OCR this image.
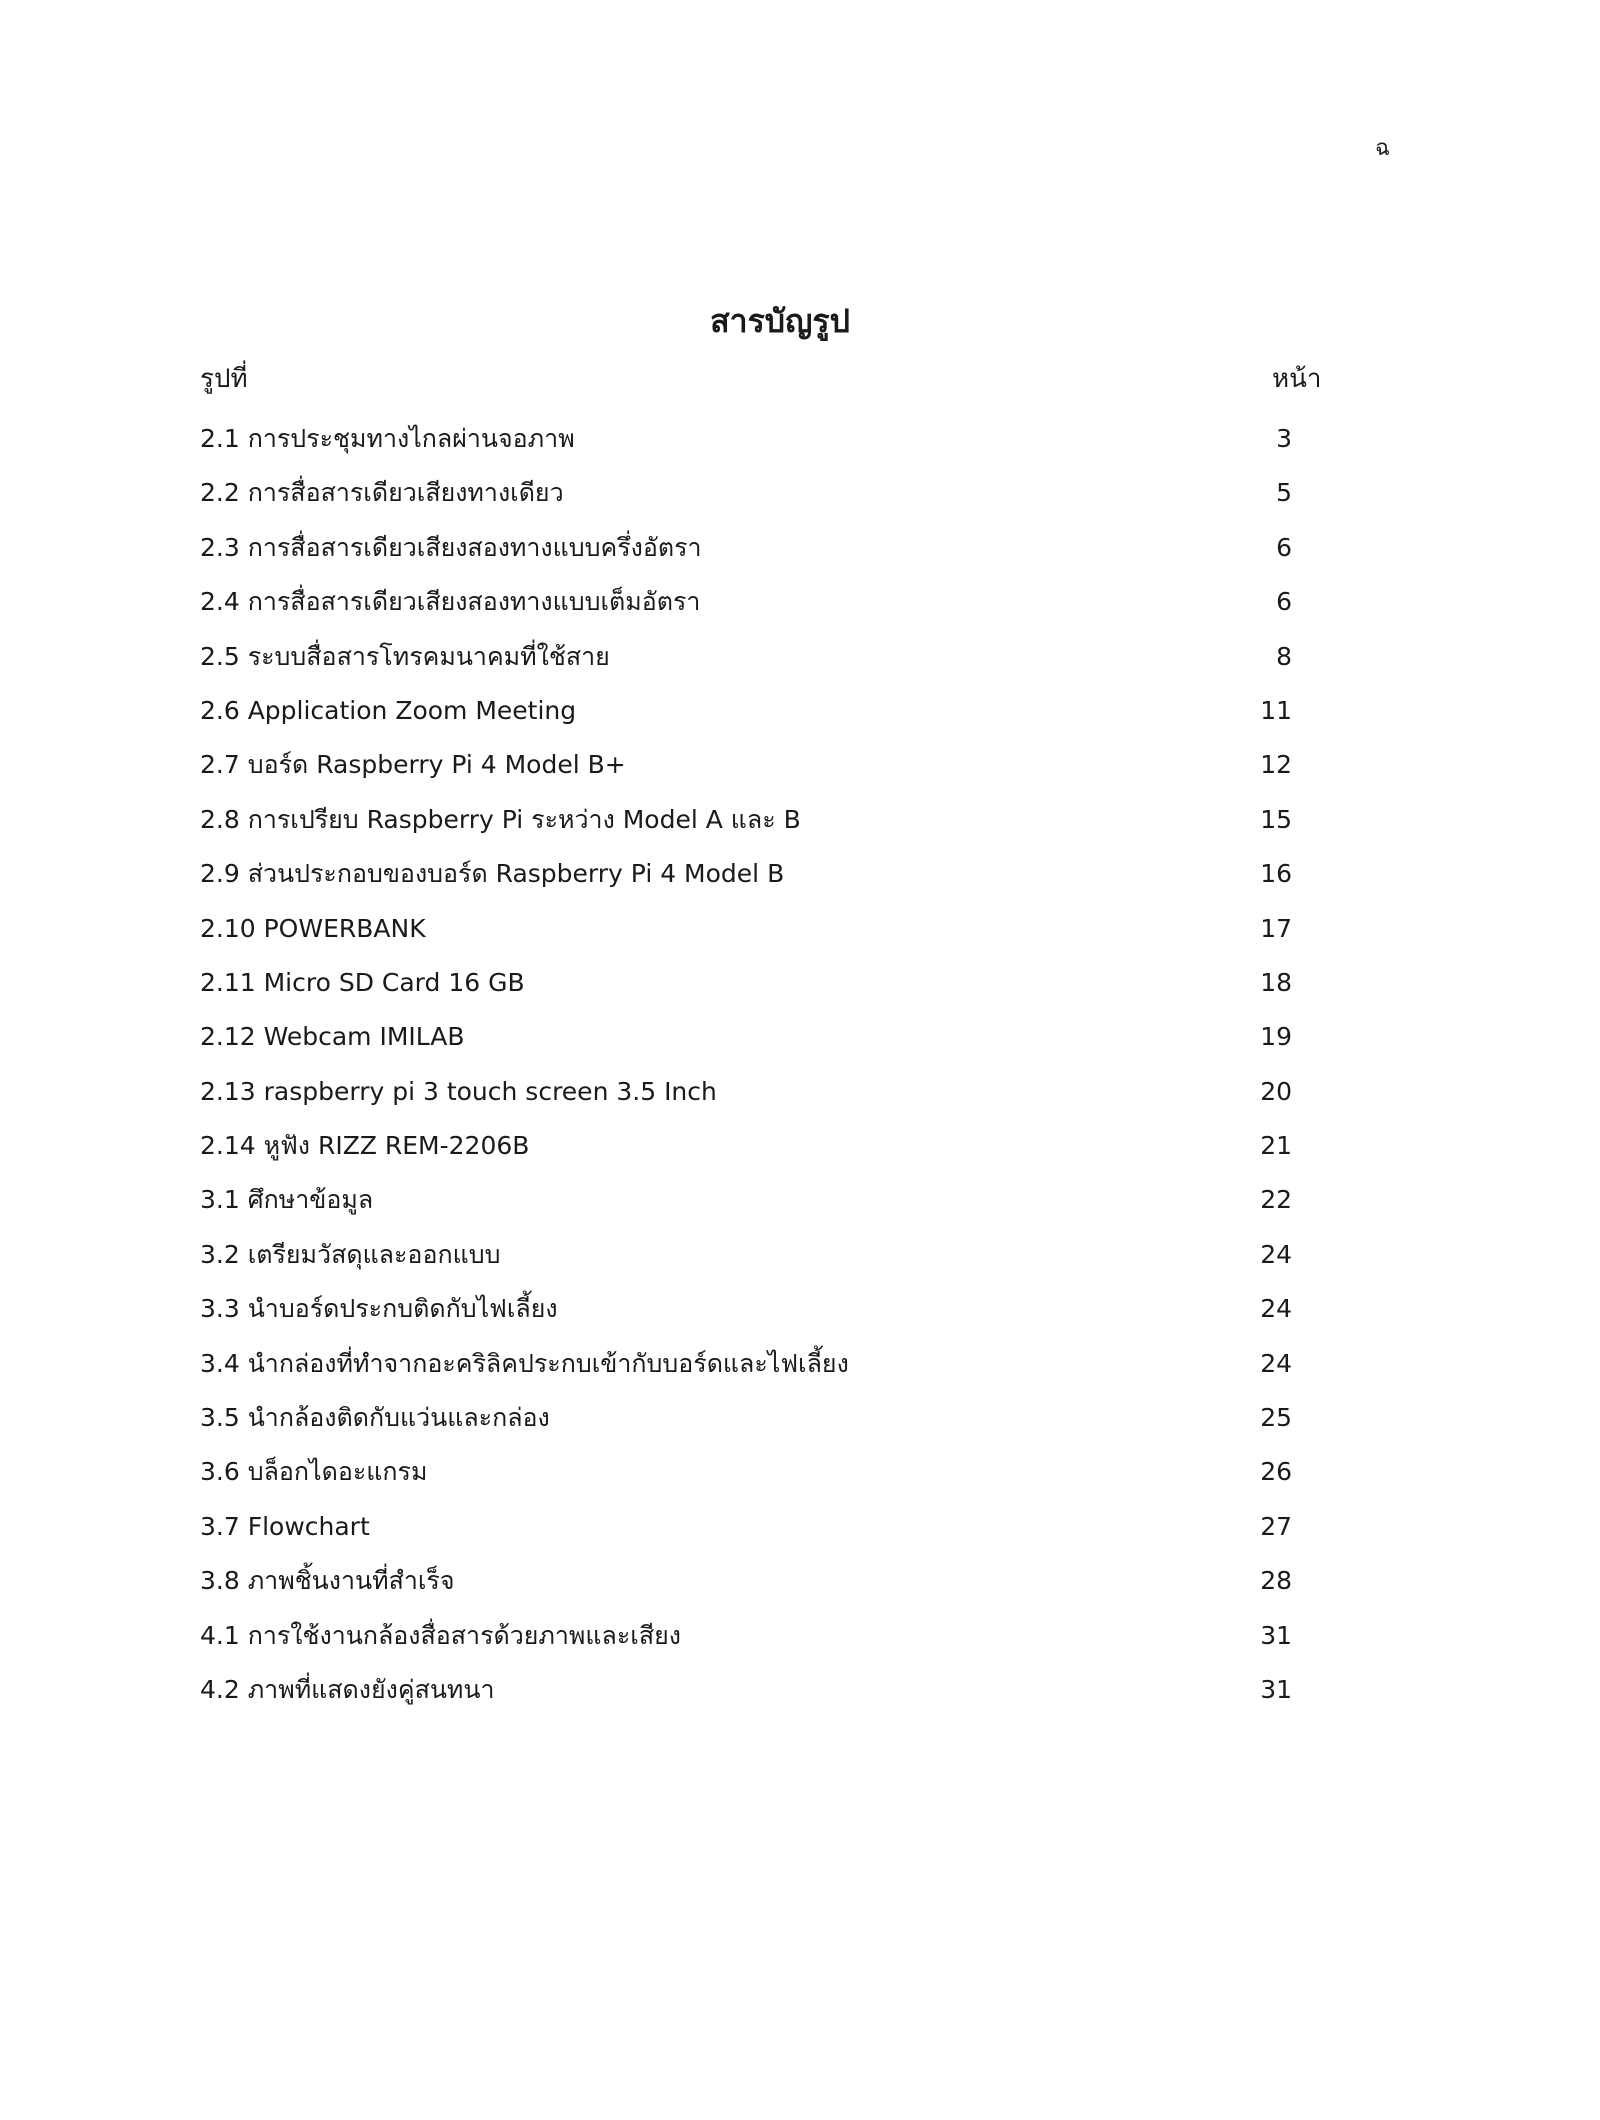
ฉ
สารบัญรูป
รูปที่	หน้า
2.1 การประชุมทางไกลผ่านจอภาพ	3
2.2 การสื่อสารเดียวเสียงทางเดียว	5
2.3 การสื่อสารเดียวเสียงสองทางแบบครึ่งอัตรา	6
2.4 การสื่อสารเดียวเสียงสองทางแบบเต็มอัตรา	6
2.5 ระบบสื่อสารโทรคมนาคมที่ใช้สาย	8
2.6 Application Zoom Meeting	11
2.7 บอร์ด Raspberry Pi 4 Model B+	12
2.8 การเปรียบ Raspberry Pi ระหว่าง Model A และ B	15
2.9 ส่วนประกอบของบอร์ด Raspberry Pi 4 Model B	16
2.10 POWERBANK	17
2.11 Micro SD Card 16 GB	18
2.12 Webcam IMILAB	19
2.13 raspberry pi 3 touch screen 3.5 Inch	20
2.14 หูฟัง RIZZ REM-2206B	21
3.1 ศึกษาข้อมูล	22
3.2 เตรียมวัสดุและออกแบบ	24
3.3 นำบอร์ดประกบติดกับไฟเลี้ยง	24
3.4 นำกล่องที่ทำจากอะคริลิคประกบเข้ากับบอร์ดและไฟเลี้ยง	24
3.5 นำกล้องติดกับแว่นและกล่อง	25
3.6 บล็อกไดอะแกรม	26
3.7 Flowchart	27
3.8 ภาพชิ้นงานที่สำเร็จ	28
4.1 การใช้งานกล้องสื่อสารด้วยภาพและเสียง	31
4.2 ภาพที่แสดงยังคู่สนทนา	31
